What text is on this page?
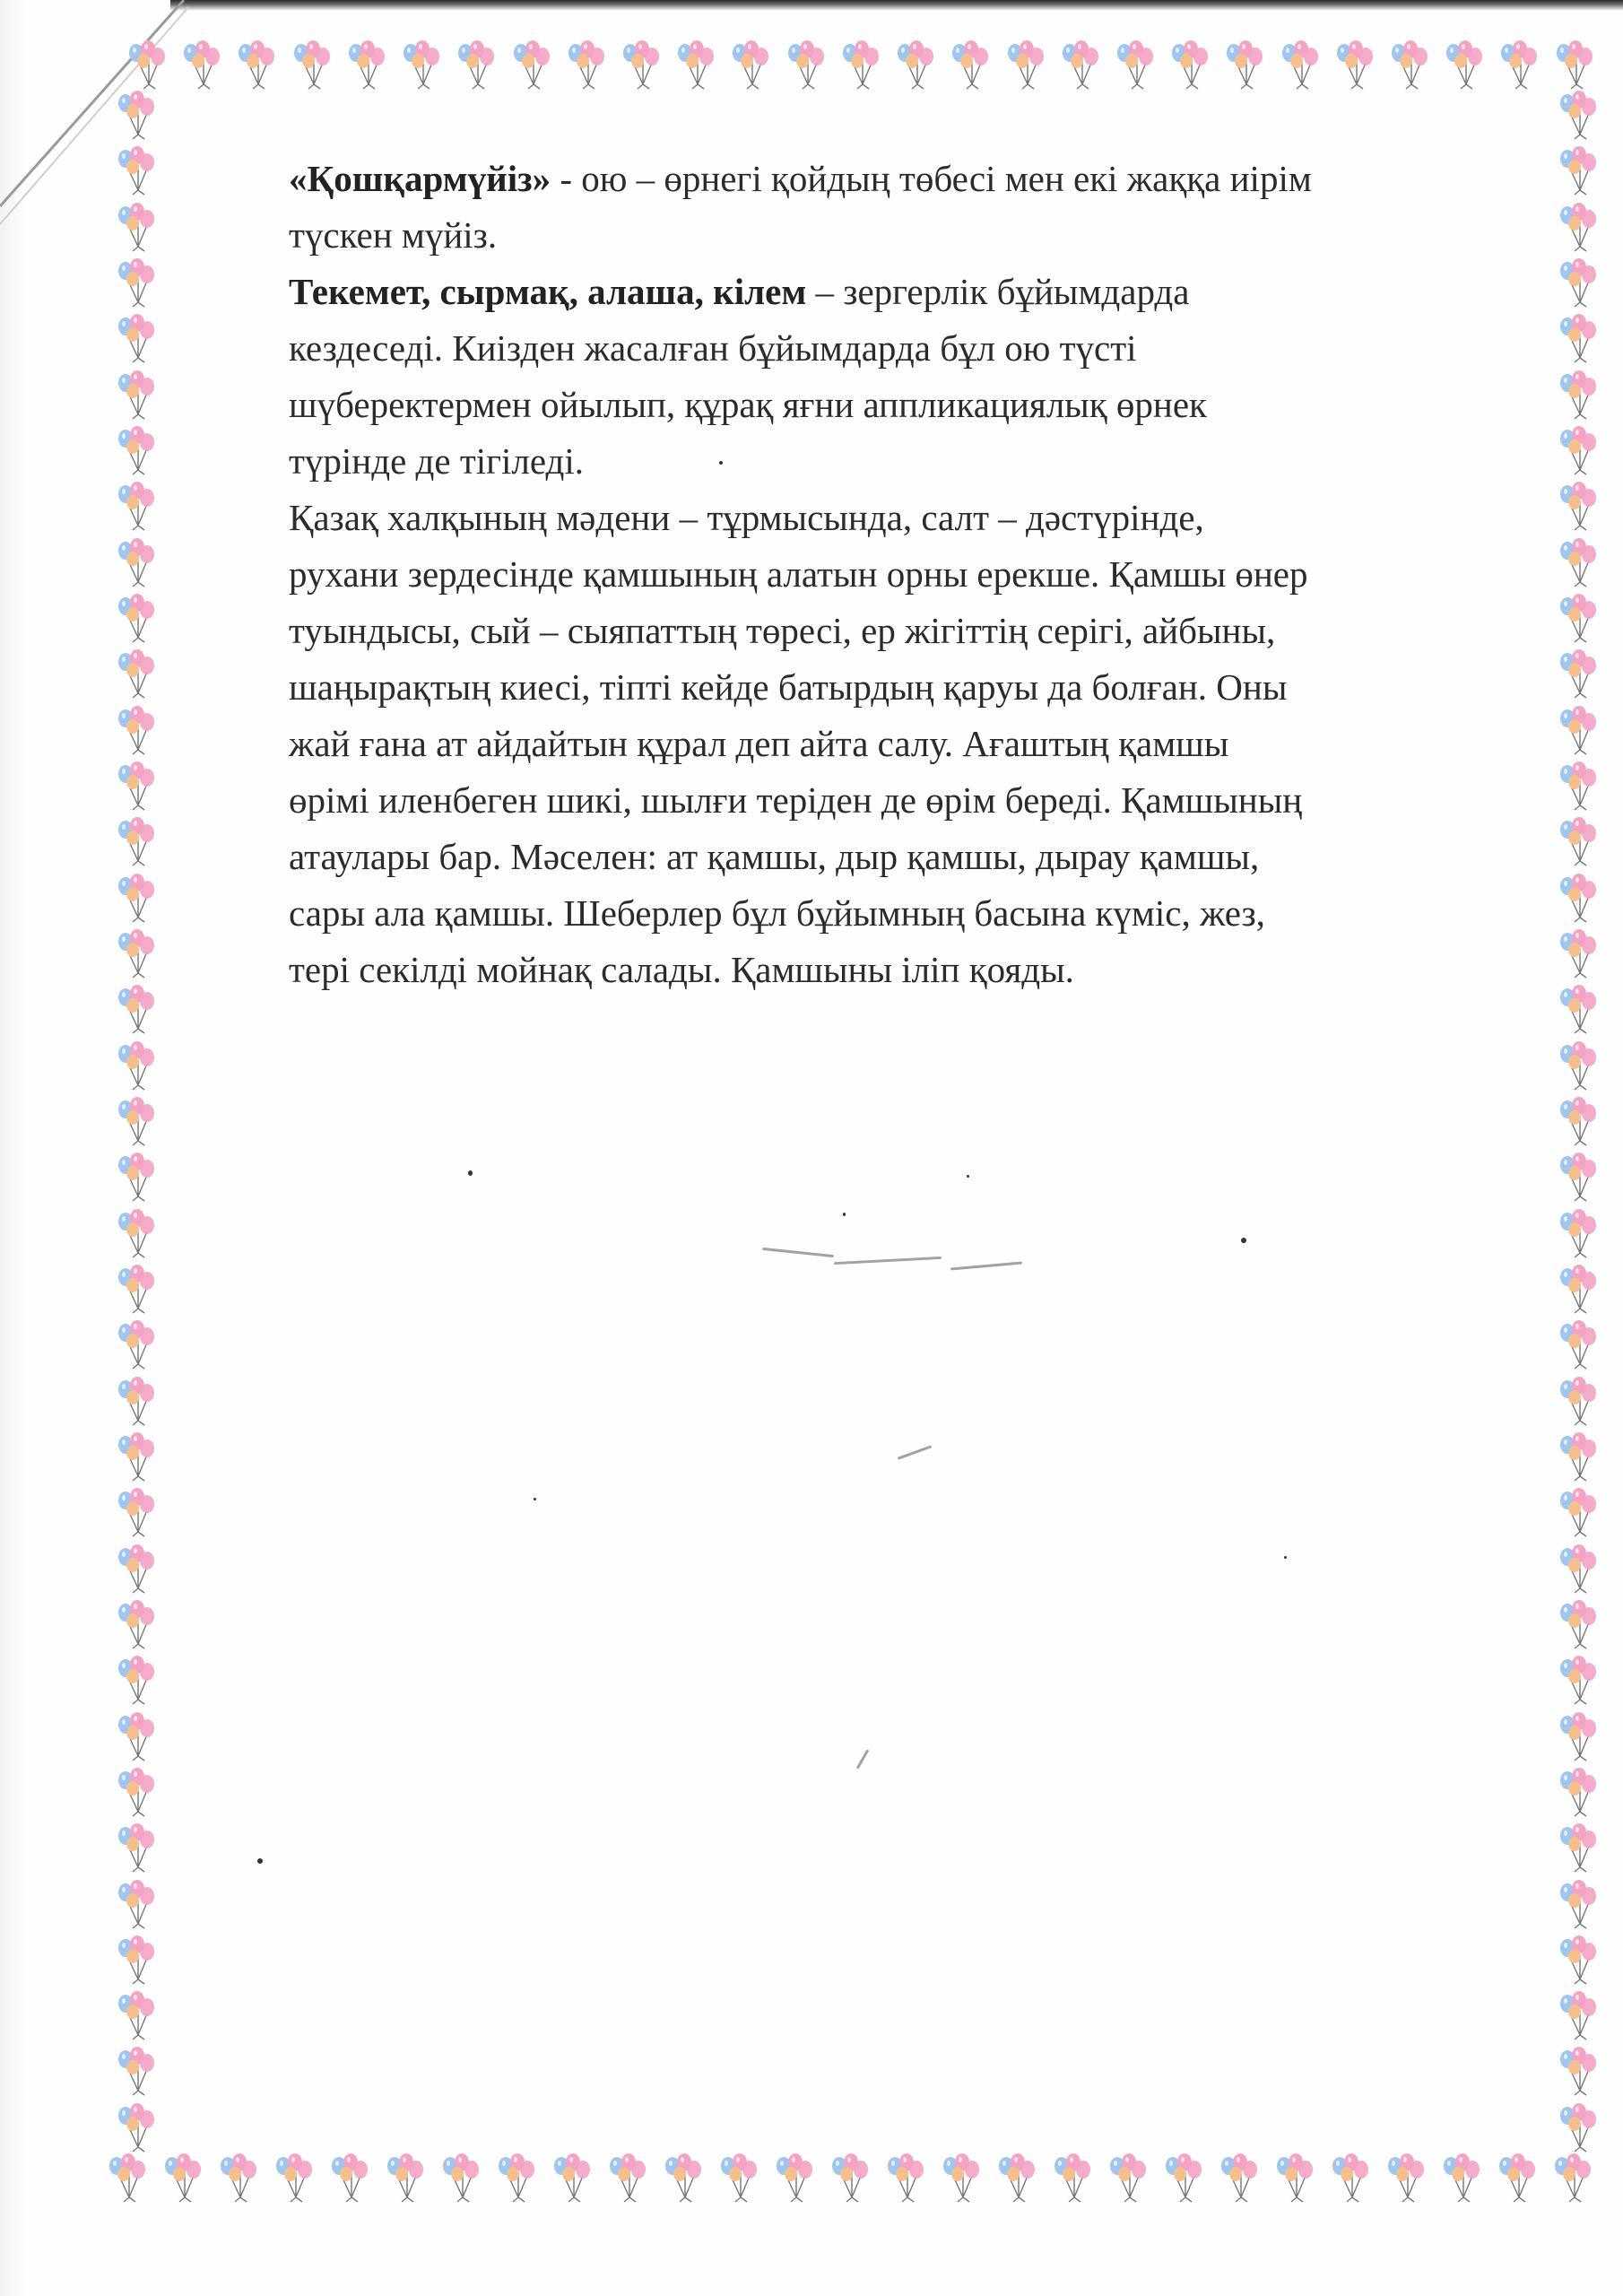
«Қошқармүйіз» - ою – өрнегі қойдың төбесі мен екі жаққа иірім
түскен мүйіз.

Текемет, сырмақ, алаша, кілем – зергерлік бұйымдарда
кездеседі. Киізден жасалған бұйымдарда бұл ою түсті
шүберектермен ойылып, құрақ яғни аппликациялық өрнек
түрінде де тігіледі.

Қазақ халқының мәдени – тұрмысында, салт – дәстүрінде,
рухани зердесінде қамшының алатын орны ерекше. Қамшы өнер
туындысы, сый – сыяпаттың төресі, ер жігіттің серігі, айбыны,
шаңырақтың киесі, тіпті кейде батырдың қаруы да болған. Оны
жай ғана ат айдайтын құрал деп айта салу. Ағаштың қамшы
өрімі иленбеген шикі, шылғи теріден де өрім береді. Қамшының
атаулары бар. Мәселен: ат қамшы, дыр қамшы, дырау қамшы,
сары ала қамшы. Шеберлер бұл бұйымның басына күміс, жез,
тері секілді мойнақ салады. Қамшыны іліп қояды.
